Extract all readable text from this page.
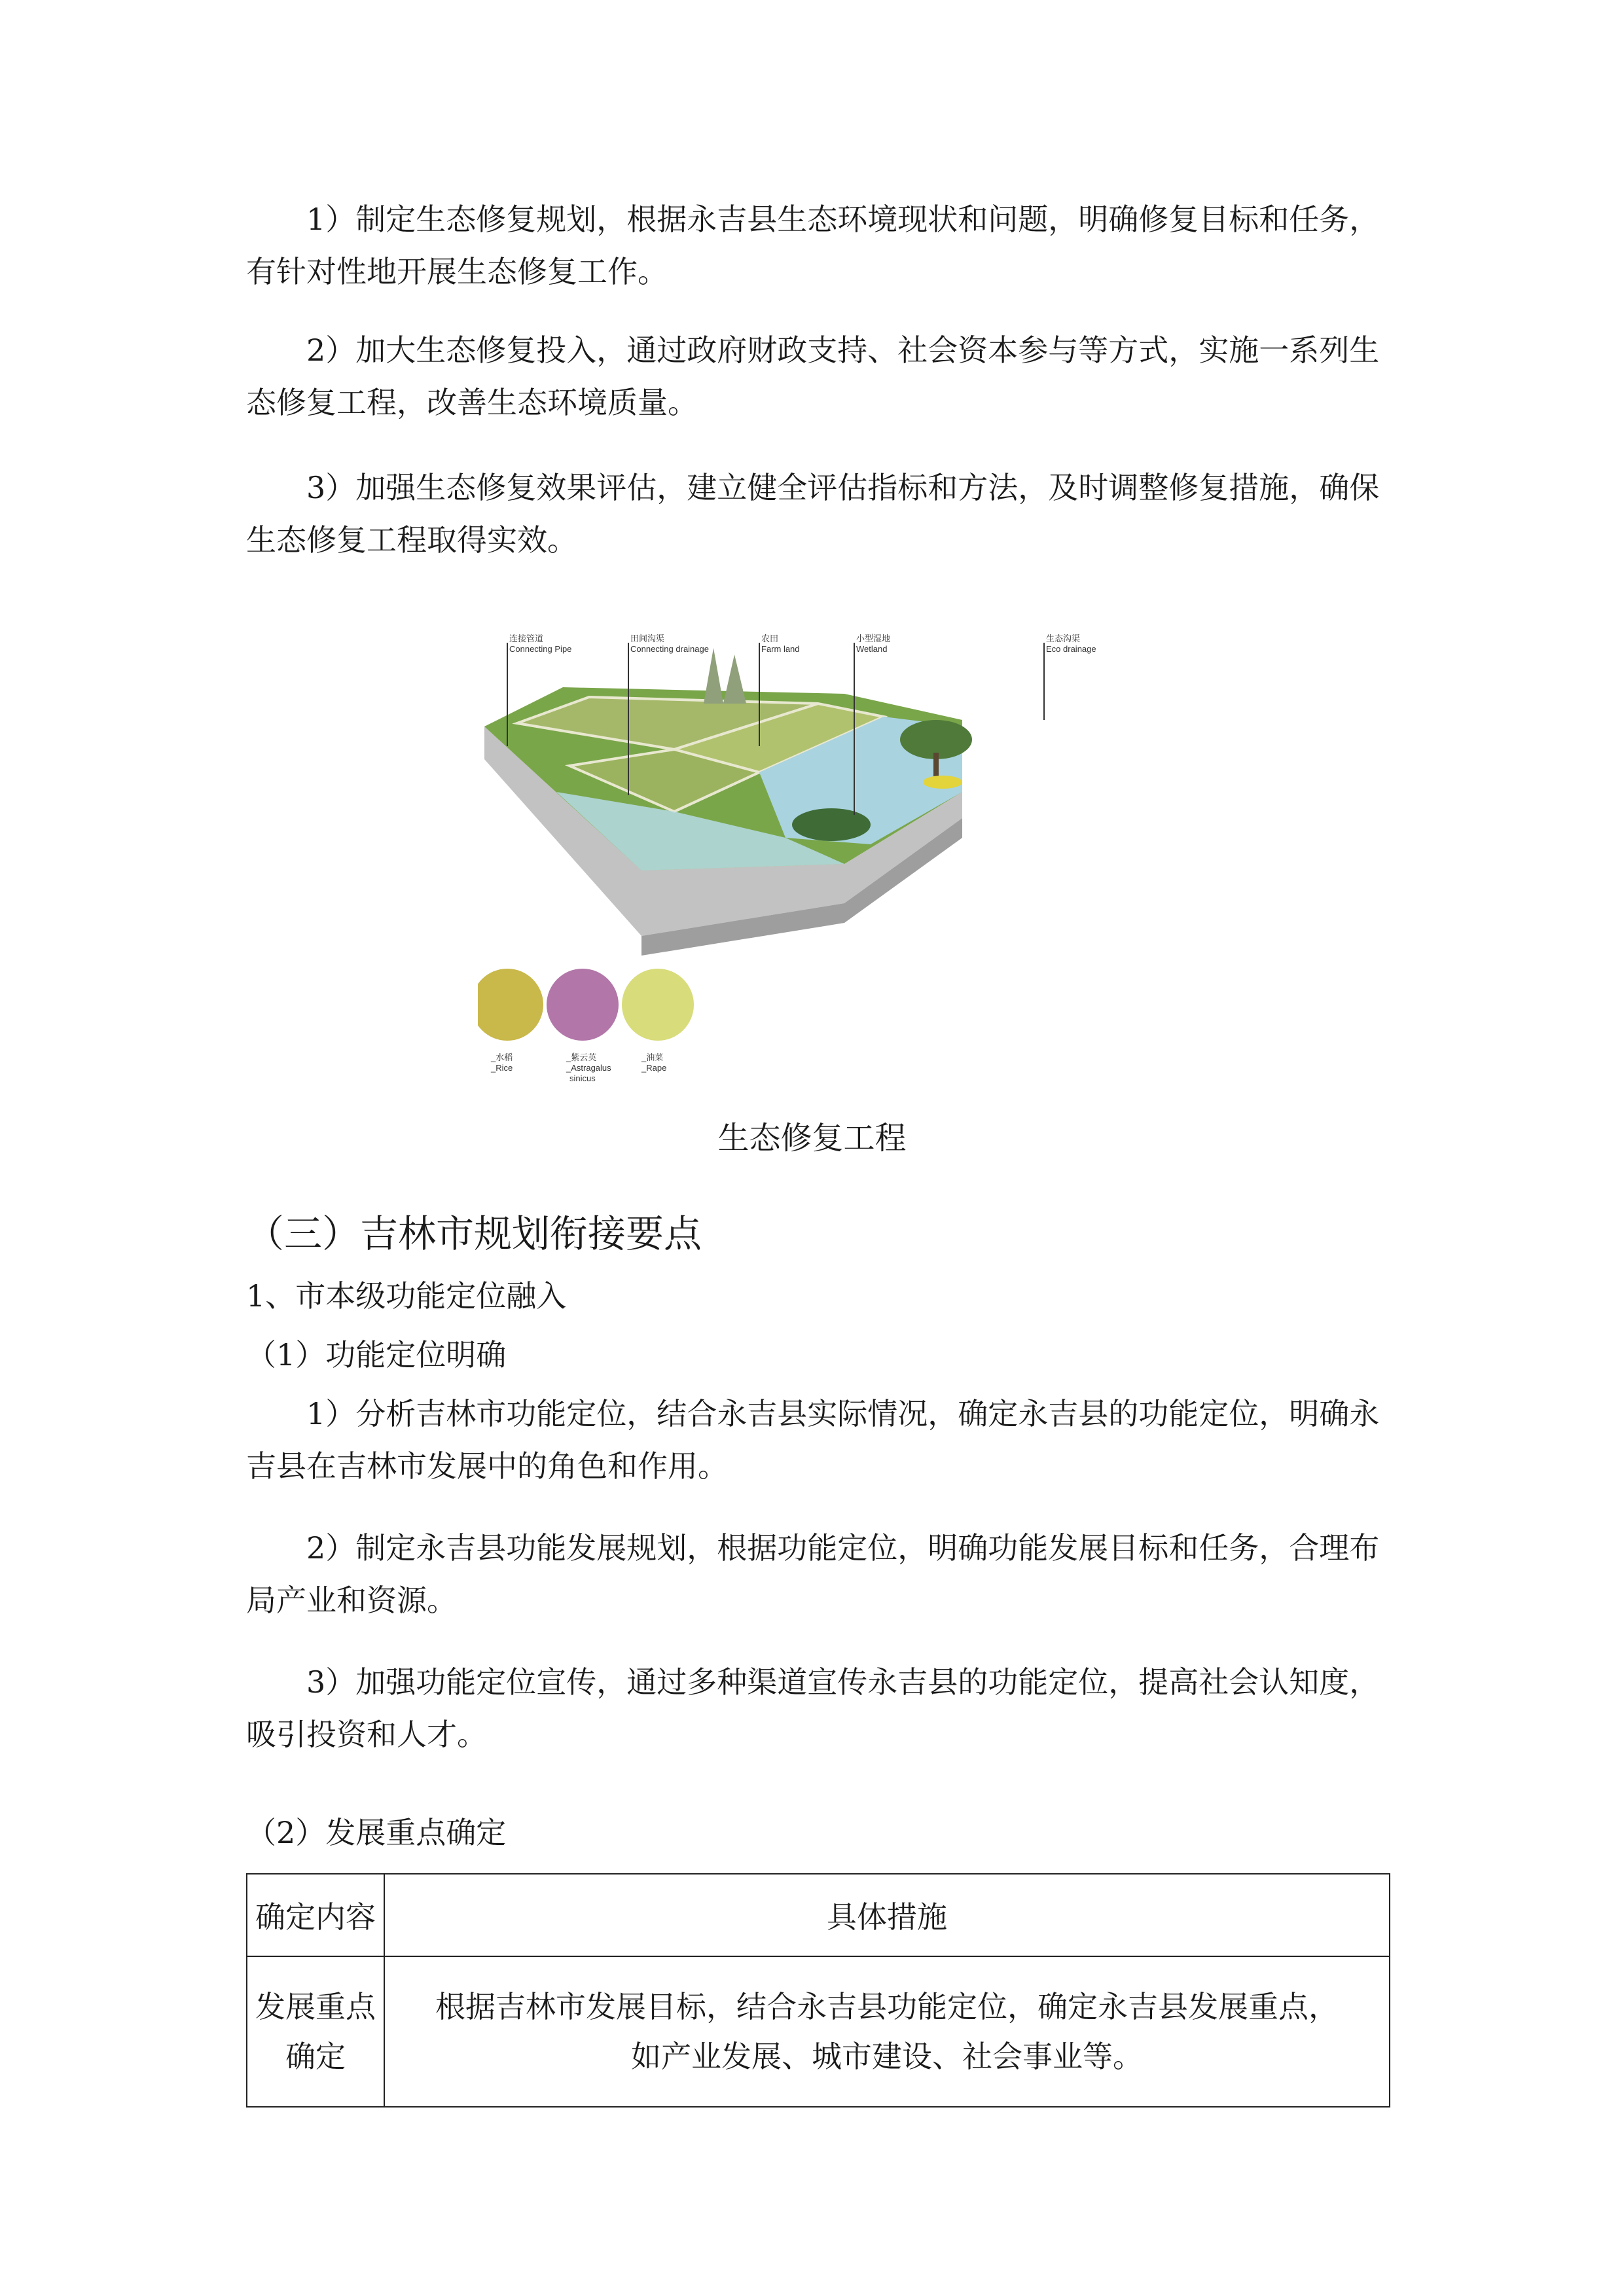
1）制定生态修复规划，根据永吉县生态环境现状和问题，明确修复目标和任务，有针对性地开展生态修复工作。

2）加大生态修复投入，通过政府财政支持、社会资本参与等方式，实施一系列生态修复工程，改善生态环境质量。

3）加强生态修复效果评估，建立健全评估指标和方法，及时调整修复措施，确保生态修复工程取得实效。

连接管道
Connecting Pipe
田间沟渠
Connecting drainage
农田
Farm land
小型湿地
Wetland
生态沟渠
Eco drainage
_水稻
_Rice
_紫云英
_Astragalus
sinicus
_油菜
_Rape
生态修复工程
（三）吉林市规划衔接要点
1、市本级功能定位融入
（1）功能定位明确

1）分析吉林市功能定位，结合永吉县实际情况，确定永吉县的功能定位，明确永吉县在吉林市发展中的角色和作用。

2）制定永吉县功能发展规划，根据功能定位，明确功能发展目标和任务，合理布局产业和资源。

3）加强功能定位宣传，通过多种渠道宣传永吉县的功能定位，提高社会认知度，吸引投资和人才。

（2）发展重点确定
确定内容	具体措施
发展重点
确定	根据吉林市发展目标，结合永吉县功能定位，确定永吉县发展重点，
如产业发展、城市建设、社会事业等。
